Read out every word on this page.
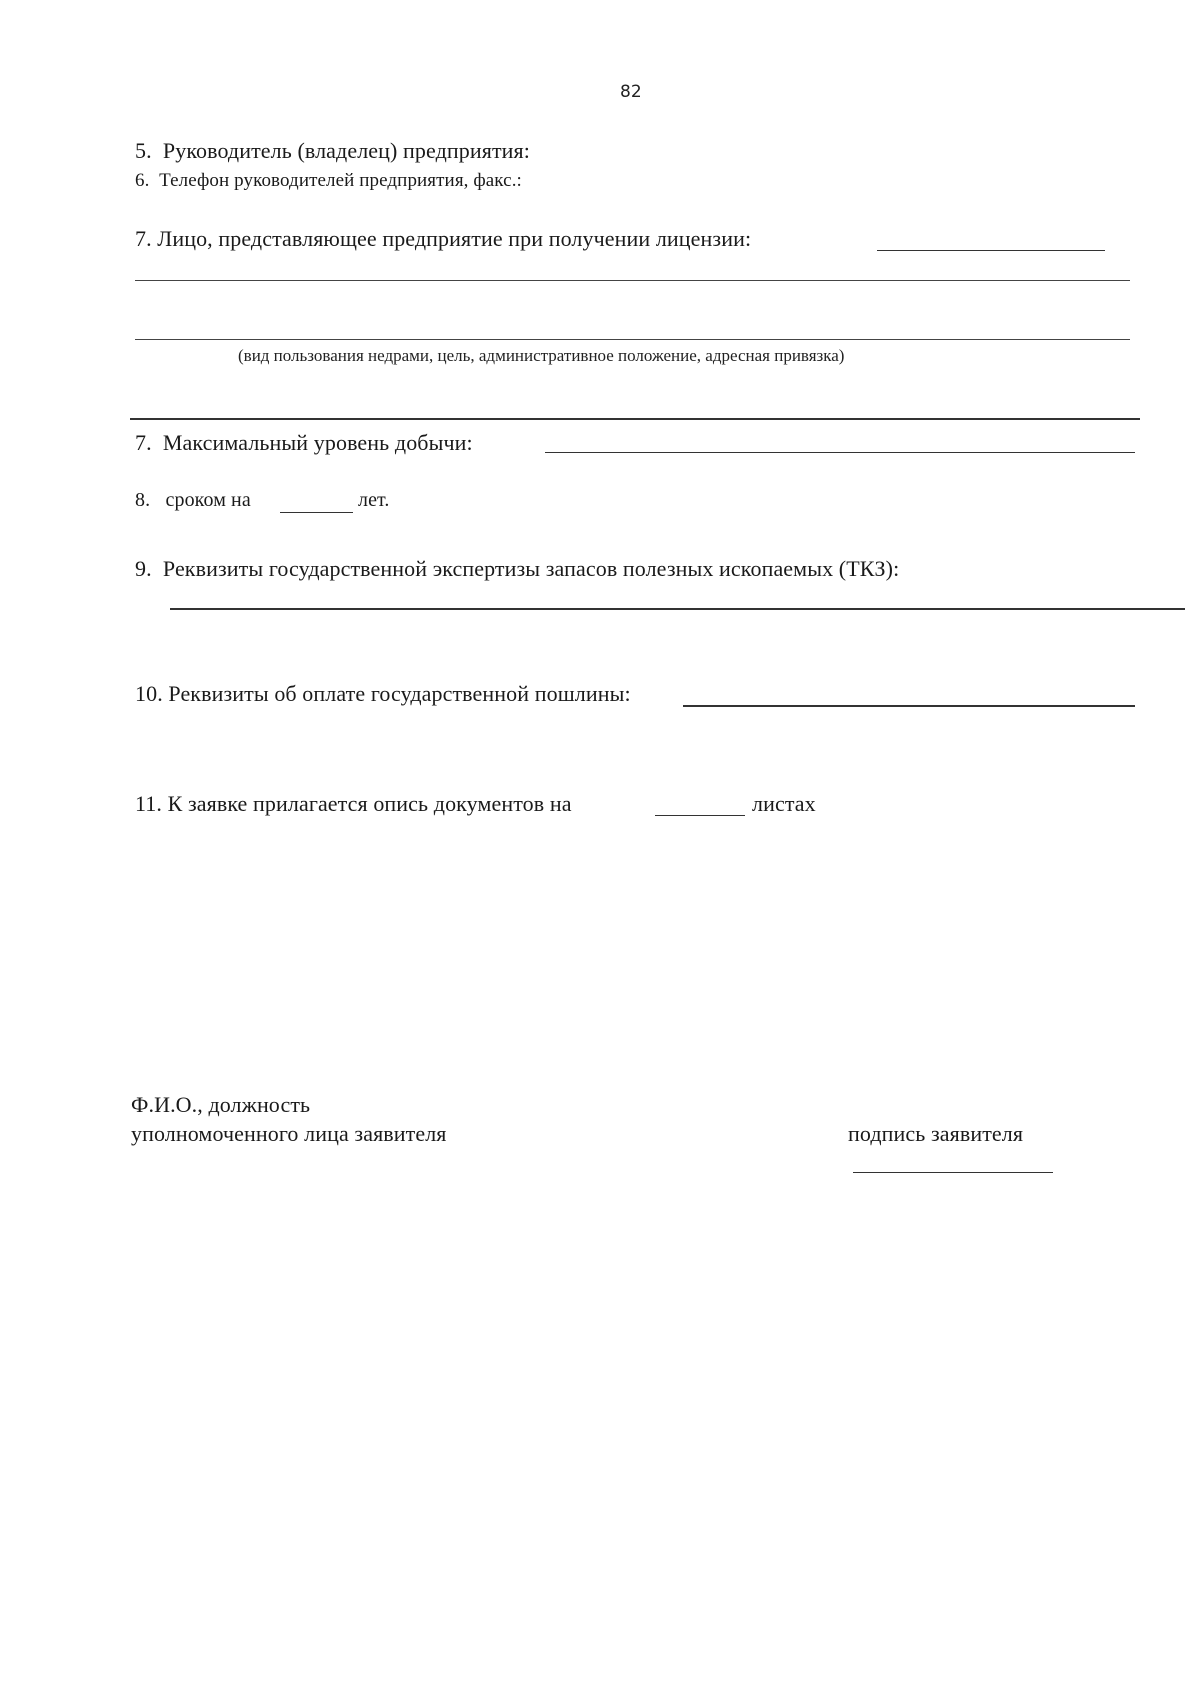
82
5.  Руководитель (владелец) предприятия:
6.  Телефон руководителей предприятия, факс.:
7. Лицо, представляющее предприятие при получении лицензии:
(вид пользования недрами, цель, административное положение, адресная привязка)
7.  Максимальный уровень добычи:
8.   сроком на	лет.
9.  Реквизиты государственной экспертизы запасов полезных ископаемых (ТКЗ):
10. Реквизиты об оплате государственной пошлины:
11. К заявке прилагается опись документов на	листах
Ф.И.О., должность
уполномоченного лица заявителя	подпись заявителя
